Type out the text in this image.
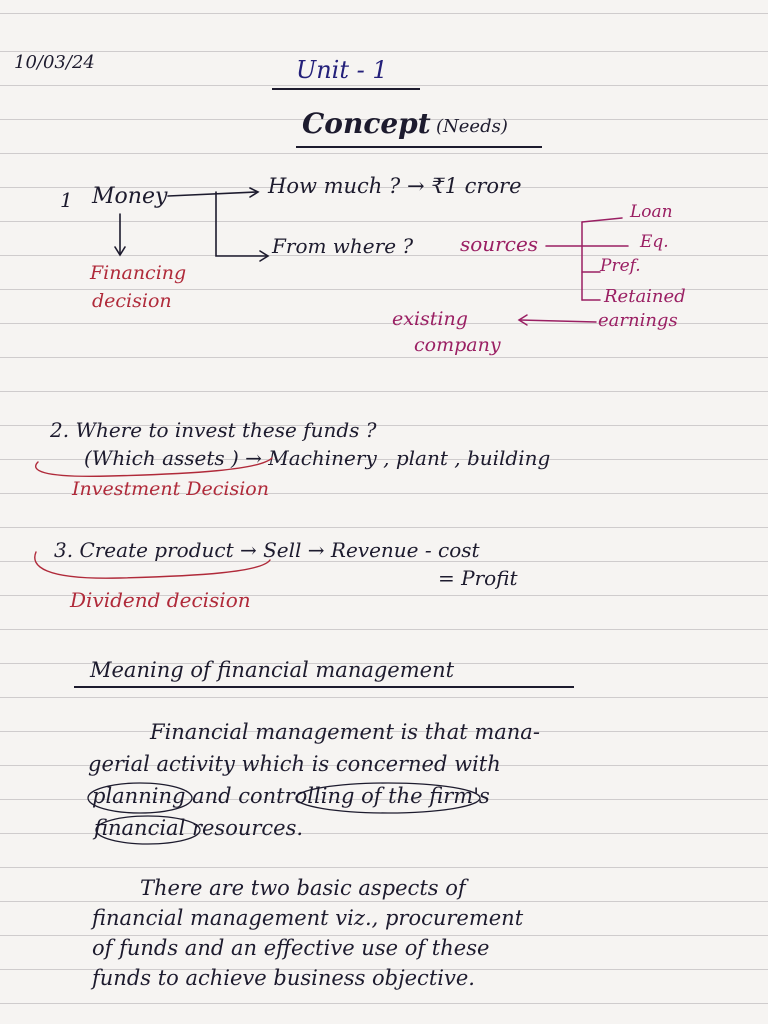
10/03/24	Unit - 1
Concept (Needs)
1 Money	How much ? → ₹1 crore
From where ? sources
Loan
Eq.
Pref.
Retained
earnings
existing
company
Financing
decision
2. Where to invest these funds ?
(Which assets ) → Machinery , plant , building
Investment Decision
3. Create product → Sell → Revenue - cost
= Profit
Dividend decision
Meaning of financial management
Financial management is that mana-
gerial activity which is concerned with
planning and controlling of the firm's
financial resources.
There are two basic aspects of
financial management viz., procurement
of funds and an effective use of these
funds to achieve business objective.
